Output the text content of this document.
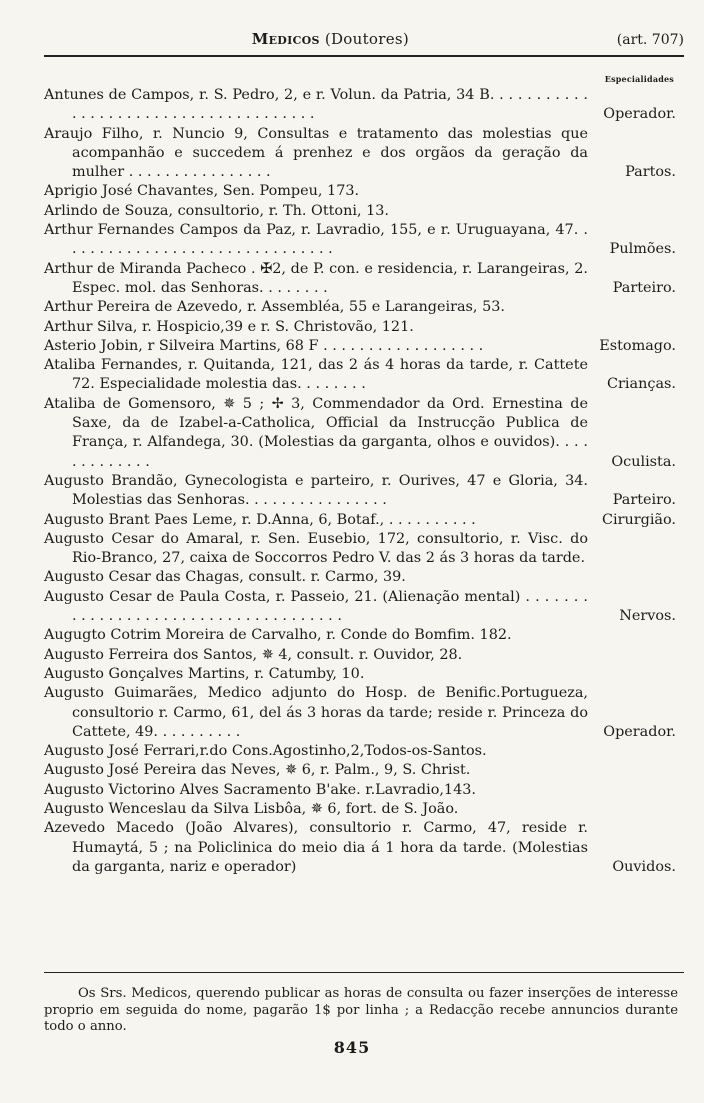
Medicos (Doutores)	(art. 707)
Especialidades
Antunes de Campos, r. S. Pedro, 2, e r. Volun. da Patria, 34 B. . . . . . . . . . . . . . . . . . . . . . . . . . . . . . . . . . . . . .	Operador.
Araujo Filho, r. Nuncio 9, Consultas e tratamento das molestias que acompanhão e succedem á prenhez e dos orgãos da geração da mulher . . . . . . . . . . . . . . . .	Partos.
Aprigio José Chavantes, Sen. Pompeu, 173.
Arlindo de Souza, consultorio, r. Th. Ottoni, 13.
Arthur Fernandes Campos da Paz, r. Lavradio, 155, e r. Uruguayana, 47. . . . . . . . . . . . . . . . . . . . . . . . . . . . . . .	Pulmões.
Arthur de Miranda Pacheco . ✠2, de P. con. e residencia, r. Larangeiras, 2. Espec. mol. das Senhoras. . . . . . . .	Parteiro.
Arthur Pereira de Azevedo, r. Assembléa, 55 e Larangeiras, 53.
Arthur Silva, r. Hospicio,39 e r. S. Christovão, 121.
Asterio Jobin, r Silveira Martins, 68 F . . . . . . . . . . . . . . . . . .	Estomago.
Ataliba Fernandes, r. Quitanda, 121, das 2 ás 4 horas da tarde, r. Cattete 72. Especialidade molestia das. . . . . . . .	Crianças.
Ataliba de Gomensoro, ✵ 5 ; ✢ 3, Commendador da Ord. Ernestina de Saxe, da de Izabel-a-Catholica, Official da Instrucção Publica de França, r. Alfandega, 30. (Molestias da garganta, olhos e ouvidos). . . . . . . . . . . . .	Oculista.
Augusto Brandão, Gynecologista e parteiro, r. Ourives, 47 e Gloria, 34. Molestias das Senhoras. . . . . . . . . . . . . . . .	Parteiro.
Augusto Brant Paes Leme, r. D.Anna, 6, Botaf., . . . . . . . . . .	Cirurgião.
Augusto Cesar do Amaral, r. Sen. Eusebio, 172, consultorio, r. Visc. do Rio-Branco, 27, caixa de Soccorros Pedro V. das 2 ás 3 horas da tarde.
Augusto Cesar das Chagas, consult. r. Carmo, 39.
Augusto Cesar de Paula Costa, r. Passeio, 21. (Alienação mental) . . . . . . . . . . . . . . . . . . . . . . . . . . . . . . . . . . . . .	Nervos.
Augugto Cotrim Moreira de Carvalho, r. Conde do Bomfim. 182.
Augusto Ferreira dos Santos, ✵ 4, consult. r. Ouvidor, 28.
Augusto Gonçalves Martins, r. Catumby, 10.
Augusto Guimarães, Medico adjunto do Hosp. de Benific.Portugueza, consultorio r. Carmo, 61, del ás 3 horas da tarde; reside r. Princeza do Cattete, 49. . . . . . . . . .	Operador.
Augusto José Ferrari,r.do Cons.Agostinho,2,Todos-os-Santos.
Augusto José Pereira das Neves, ✵ 6, r. Palm., 9, S. Christ.
Augusto Victorino Alves Sacramento B'ake. r.Lavradio,143.
Augusto Wenceslau da Silva Lisbôa, ✵ 6, fort. de S. João.
Azevedo Macedo (João Alvares), consultorio r. Carmo, 47, reside r. Humaytá, 5 ; na Policlinica do meio dia á 1 hora da tarde. (Molestias da garganta, nariz e operador)	Ouvidos.
Os Srs. Medicos, querendo publicar as horas de consulta ou fazer inserções de interesse proprio em seguida do nome, pagarão 1$ por linha ; a Redacção recebe annuncios durante todo o anno.
845
